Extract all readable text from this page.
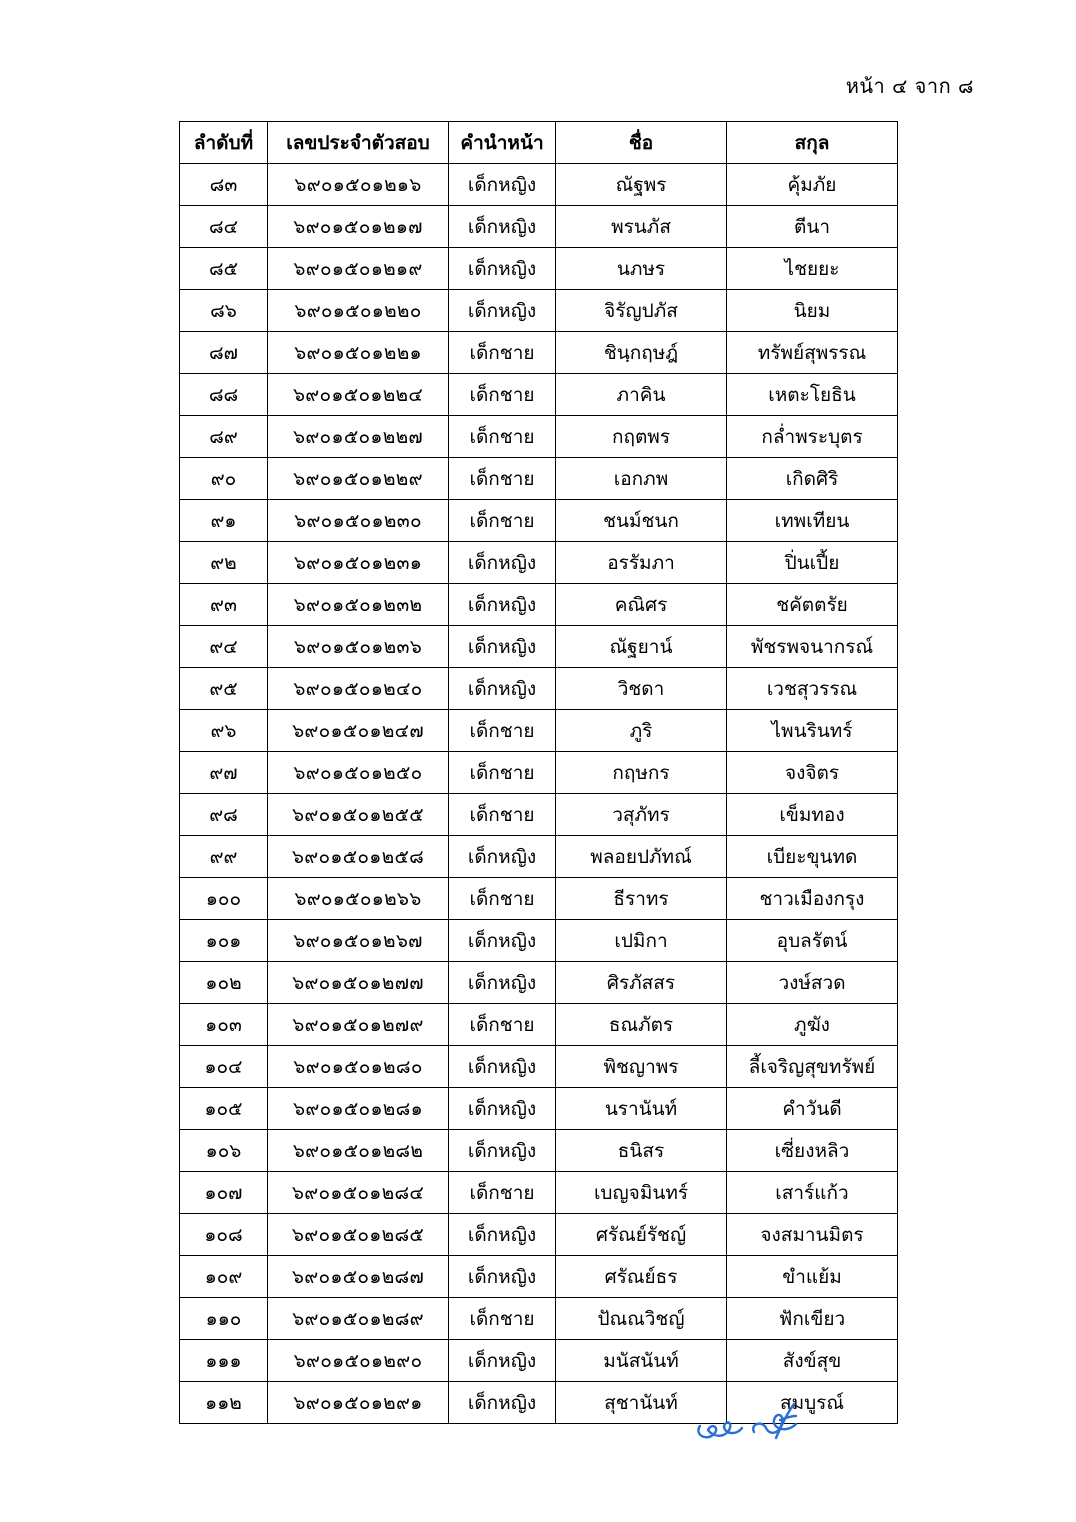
หน้า ๔ จาก ๘
ลำดับที่	เลขประจำตัวสอบ	คำนำหน้า	ชื่อ	สกุล
๘๓	๖๙๐๑๕๐๑๒๑๖	เด็กหญิง	ณัฐพร	คุ้มภัย
๘๔	๖๙๐๑๕๐๑๒๑๗	เด็กหญิง	พรนภัส	ตีนา
๘๕	๖๙๐๑๕๐๑๒๑๙	เด็กหญิง	นภษร	ไชยยะ
๘๖	๖๙๐๑๕๐๑๒๒๐	เด็กหญิง	จิรัญปภัส	นิยม
๘๗	๖๙๐๑๕๐๑๒๒๑	เด็กชาย	ชินฺกฤษฎ์	ทรัพย์สุพรรณ
๘๘	๖๙๐๑๕๐๑๒๒๔	เด็กชาย	ภาคิน	เหตะโยธิน
๘๙	๖๙๐๑๕๐๑๒๒๗	เด็กชาย	กฤตพร	กล่ำพระบุตร
๙๐	๖๙๐๑๕๐๑๒๒๙	เด็กชาย	เอกภพ	เกิดศิริ
๙๑	๖๙๐๑๕๐๑๒๓๐	เด็กชาย	ชนม์ชนก	เทพเทียน
๙๒	๖๙๐๑๕๐๑๒๓๑	เด็กหญิง	อรรัมภา	ปิ่นเปี้ย
๙๓	๖๙๐๑๕๐๑๒๓๒	เด็กหญิง	คณิศร	ชคัตตรัย
๙๔	๖๙๐๑๕๐๑๒๓๖	เด็กหญิง	ณัฐยาน์	พัชรพจนากรณ์
๙๕	๖๙๐๑๕๐๑๒๔๐	เด็กหญิง	วิชดา	เวชสุวรรณ
๙๖	๖๙๐๑๕๐๑๒๔๗	เด็กชาย	ภูริ	ไพนรินทร์
๙๗	๖๙๐๑๕๐๑๒๕๐	เด็กชาย	กฤษกร	จงจิตร
๙๘	๖๙๐๑๕๐๑๒๕๕	เด็กชาย	วสุภัทร	เข็มทอง
๙๙	๖๙๐๑๕๐๑๒๕๘	เด็กหญิง	พลอยปภัทณ์	เบียะขุนทด
๑๐๐	๖๙๐๑๕๐๑๒๖๖	เด็กชาย	ธีราทร	ชาวเมืองกรุง
๑๐๑	๖๙๐๑๕๐๑๒๖๗	เด็กหญิง	เปมิกา	อุบลรัตน์
๑๐๒	๖๙๐๑๕๐๑๒๗๗	เด็กหญิง	ศิรภัสสร	วงษ์สวด
๑๐๓	๖๙๐๑๕๐๑๒๗๙	เด็กชาย	ธณภัตร	ภูฆัง
๑๐๔	๖๙๐๑๕๐๑๒๘๐	เด็กหญิง	พิชญาพร	ลี้เจริญสุขทรัพย์
๑๐๕	๖๙๐๑๕๐๑๒๘๑	เด็กหญิง	นรานันท์	คำวันดี
๑๐๖	๖๙๐๑๕๐๑๒๘๒	เด็กหญิง	ธนิสร	เซี่ยงหลิว
๑๐๗	๖๙๐๑๕๐๑๒๘๔	เด็กชาย	เบญจมินทร์	เสาร์แก้ว
๑๐๘	๖๙๐๑๕๐๑๒๘๕	เด็กหญิง	ศรัณย์รัชญ์	จงสมานมิตร
๑๐๙	๖๙๐๑๕๐๑๒๘๗	เด็กหญิง	ศรัณย์ธร	ขำแย้ม
๑๑๐	๖๙๐๑๕๐๑๒๘๙	เด็กชาย	ปัณณวิชญ์	ฟักเขียว
๑๑๑	๖๙๐๑๕๐๑๒๙๐	เด็กหญิง	มนัสนันท์	สังข์สุข
๑๑๒	๖๙๐๑๕๐๑๒๙๑	เด็กหญิง	สุชานันท์	สมบูรณ์
